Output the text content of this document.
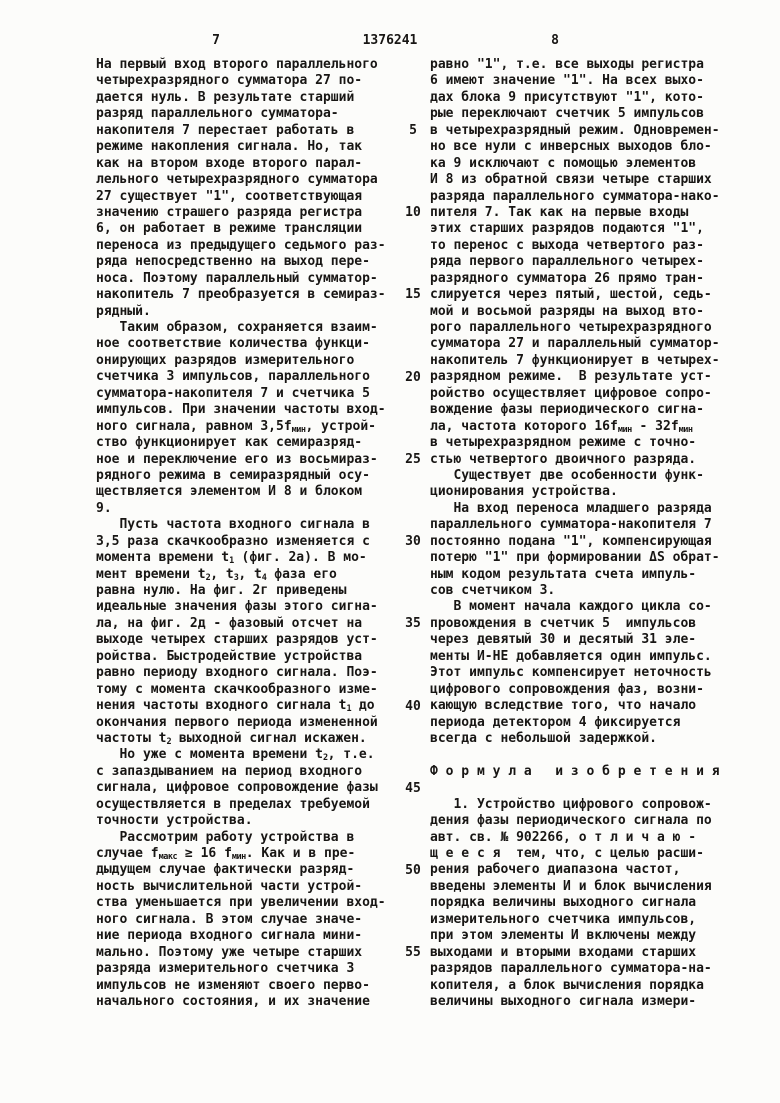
7	1376241	8
На первый вход второго параллельного
четырехразрядного сумматора 27 по-
дается нуль. В результате старший
разряд параллельного сумматора-
накопителя 7 перестает работать в
режиме накопления сигнала. Но, так
как на втором входе второго парал-
лельного четырехразрядного сумматора
27 существует "1", соответствующая
значению страшего разряда регистра
6, он работает в режиме трансляции
переноса из предыдущего седьмого раз-
ряда непосредственно на выход пере-
носа. Поэтому параллельный сумматор-
накопитель 7 преобразуется в семираз-
рядный.
Таким образом, сохраняется взаим-
ное соответствие количества функци-
онирующих разрядов измерительного
счетчика 3 импульсов, параллельного
сумматора-накопителя 7 и счетчика 5
импульсов. При значении частоты вход-
ного сигнала, равном $3,5f_{мин}$, устрой-
ство функционирует как семиразряд-
ное и переключение его из восьмираз-
рядного режима в семиразрядный осу-
ществляется элементом И 8 и блоком
9.
Пусть частота входного сигнала в
3,5 раза скачкообразно изменяется с
момента времени $t_1$ (фиг. 2а). В мо-
мент времени $t_2$, $t_3$, $t_4$ фаза его
равна нулю. На фиг. 2г приведены
идеальные значения фазы этого сигна-
ла, на фиг. 2д - фазовый отсчет на
выходе четырех старших разрядов уст-
ройства. Быстродействие устройства
равно периоду входного сигнала. Поэ-
тому с момента скачкообразного изме-
нения частоты входного сигнала $t_1$ до
окончания первого периода измененной
частоты $t_2$ выходной сигнал искажен.
Но уже с момента времени $t_2$, т.е.
с запаздыванием на период входного
сигнала, цифровое сопровождение фазы
осуществляется в пределах требуемой
точности устройства.
Рассмотрим работу устройства в
случае $f_{макс} \ge 16$ $f_{мин}$. Как и в пре-
дыдущем случае фактически разряд-
ность вычислительной части устрой-
ства уменьшается при увеличении вход-
ного сигнала. В этом случае значе-
ние периода входного сигнала мини-
мально. Поэтому уже четыре старших
разряда измерительного счетчика 3
импульсов не изменяют своего перво-
начального состояния, и их значение
5
10
15
20
25
30
35
40
45
50
55
равно "1", т.е. все выходы регистра
6 имеют значение "1". На всех выхо-
дах блока 9 присутствуют "1", кото-
рые переключают счетчик 5 импульсов
в четырехразрядный режим. Одновремен-
но все нули с инверсных выходов бло-
ка 9 исключают с помощью элементов
И 8 из обратной связи четыре старших
разряда параллельного сумматора-нако-
пителя 7. Так как на первые входы
этих старших разрядов подаются "1",
то перенос с выхода четвертого раз-
ряда первого параллельного четырех-
разрядного сумматора 26 прямо тран-
слируется через пятый, шестой, седь-
мой и восьмой разряды на выход вто-
рого параллельного четырехразрядного
сумматора 27 и параллельный сумматор-
накопитель 7 функционирует в четырех-
разрядном режиме.  В результате уст-
ройство осуществляет цифровое сопро-
вождение фазы периодического сигна-
ла, частота которого $16f_{мин} - 32f_{мин}$
в четырехразрядном режиме с точно-
стью четвертого двоичного разряда.
Существует две особенности функ-
ционирования устройства.
На вход переноса младшего разряда
параллельного сумматора-накопителя 7
постоянно подана "1", компенсирующая
потерю "1" при формировании ΔS обрат-
ным кодом результата счета импуль-
сов счетчиком 3.
В момент начала каждого цикла со-
провождения в счетчик 5  импульсов
через девятый 30 и десятый 31 эле-
менты И-НЕ добавляется один импульс.
Этот импульс компенсирует неточность
цифрового сопровождения фаз, возни-
кающую вследствие того, что начало
периода детектором 4 фиксируется
всегда с небольшой задержкой.

Ф о р м у л а   и з о б р е т е н и я

1. Устройство цифрового сопровож-
дения фазы периодического сигнала по
авт. св. № 902266, о т л и ч а ю -
щ е е с я  тем, что, с целью расши-
рения рабочего диапазона частот,
введены элементы И и блок вычисления
порядка величины выходного сигнала
измерительного счетчика импульсов,
при этом элементы И включены между
выходами и вторыми входами старших
разрядов параллельного сумматора-на-
копителя, а блок вычисления порядка
величины выходного сигнала измери-
